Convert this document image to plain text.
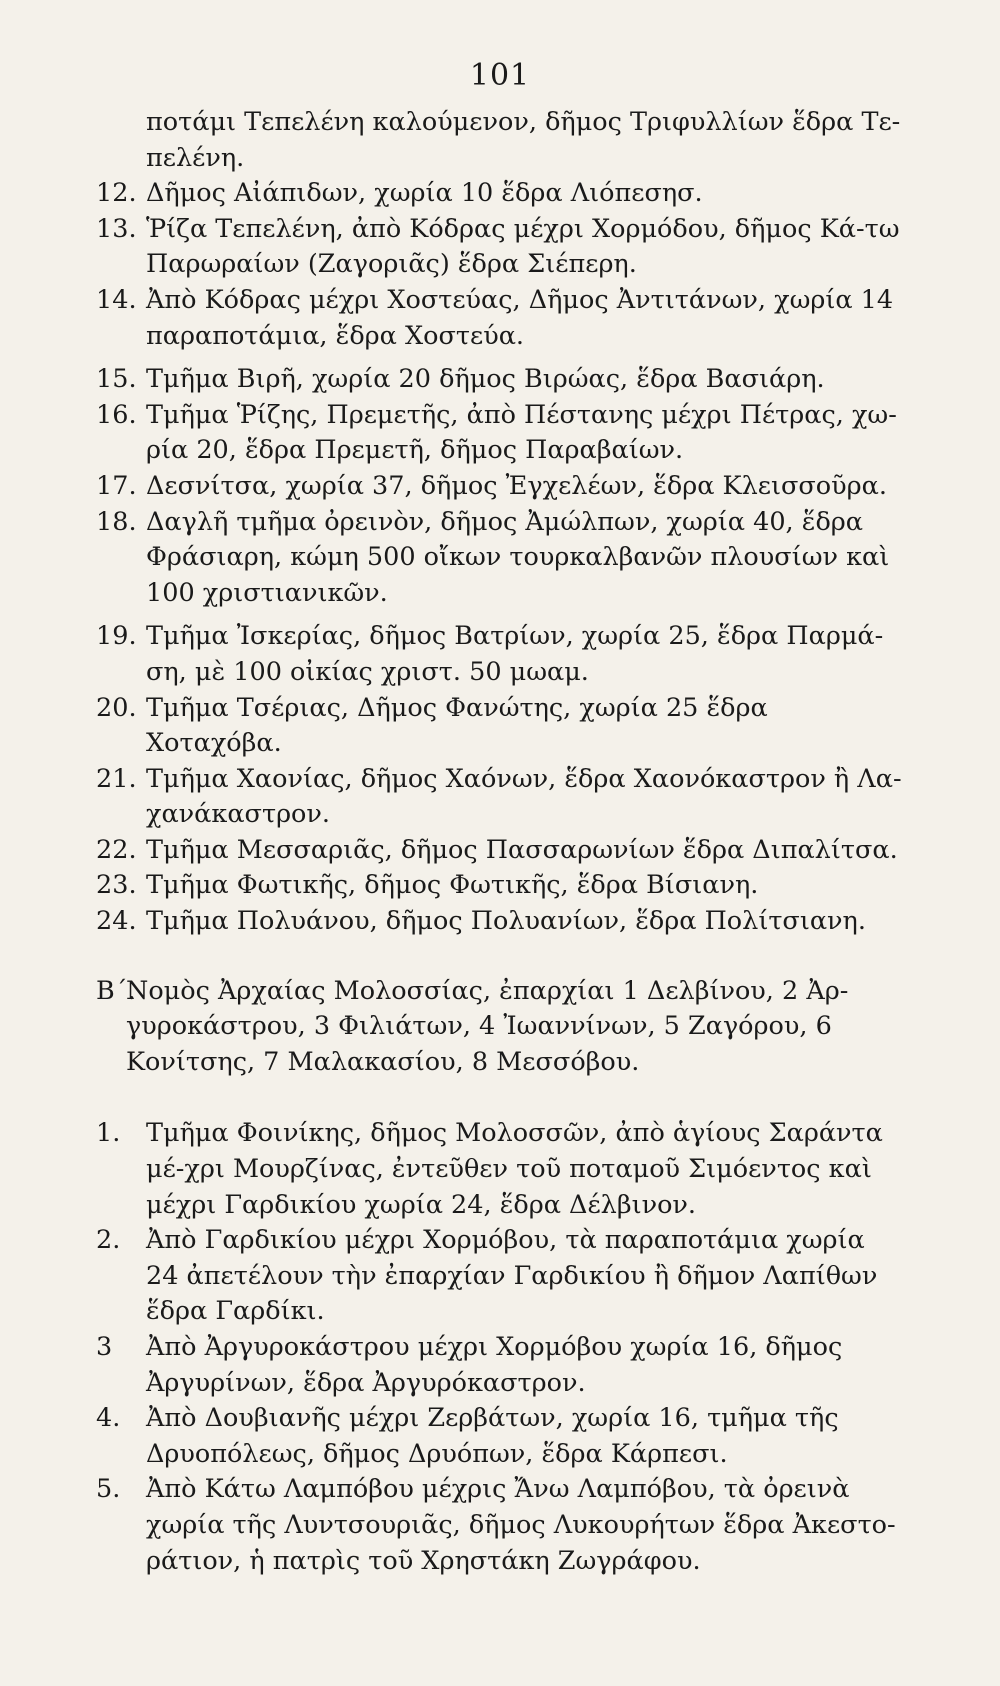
101

ποτάμι Τεπελένη καλούμενον, δῆμος Τριφυλλίων ἕδρα Τε-

πελένη.

12. Δῆμος Αἰάπιδων, χωρία 10 ἕδρα Λιόπεσησ.

13. Ῥίζα Τεπελένη, ἀπὸ Κόδρας μέχρι Χορμόδου, δῆμος Κά-τω Παρωραίων (Ζαγοριᾶς) ἕδρα Σιέπερη.

14. Ἀπὸ Κόδρας μέχρι Χοστεύας, Δῆμος Ἀντιτάνων, χωρία 14 παραποτάμια, ἕδρα Χοστεύα.

15. Τμῆμα Βιρῆ, χωρία 20 δῆμος Βιρώας, ἕδρα Βασιάρη.

16. Τμῆμα Ῥίζης, Πρεμετῆς, ἀπὸ Πέστανης μέχρι Πέτρας, χω-ρία 20, ἕδρα Πρεμετῆ, δῆμος Παραβαίων.

17. Δεσνίτσα, χωρία 37, δῆμος Ἐγχελέων, ἕδρα Κλεισσοῦρα.

18. Δαγλῆ τμῆμα ὀρεινὸν, δῆμος Ἀμώλπων, χωρία 40, ἕδρα Φράσιαρη, κώμη 500 οἴκων τουρκαλβανῶν πλουσίων καὶ 100 χριστιανικῶν.

19. Τμῆμα Ἰσκερίας, δῆμος Βατρίων, χωρία 25, ἕδρα Παρμά-ση, μὲ 100 οἰκίας χριστ. 50 μωαμ.

20. Τμῆμα Τσέριας, Δῆμος Φανώτης, χωρία 25 ἕδρα Χοταχόβα.

21. Τμῆμα Χαονίας, δῆμος Χαόνων, ἕδρα Χαονόκαστρον ἢ Λα-χανάκαστρον.

22. Τμῆμα Μεσσαριᾶς, δῆμος Πασσαρωνίων ἕδρα Διπαλίτσα.

23. Τμῆμα Φωτικῆς, δῆμος Φωτικῆς, ἕδρα Βίσιανη.

24. Τμῆμα Πολυάνου, δῆμος Πολυανίων, ἕδρα Πολίτσιανη.

Β΄.
Νομὸς Ἀρχαίας Μολοσσίας, ἐπαρχίαι 1 Δελβίνου, 2 Ἀρ-γυροκάστρου, 3 Φιλιάτων, 4 Ἰωαννίνων, 5 Ζαγόρου, 6 Κονίτσης, 7 Μαλακασίου, 8 Μεσσόβου.

1. Τμῆμα Φοινίκης, δῆμος Μολοσσῶν, ἀπὸ ἁγίους Σαράντα μέ-χρι Μουρζίνας, ἐντεῦθεν τοῦ ποταμοῦ Σιμόεντος καὶ μέχρι Γαρδικίου χωρία 24, ἕδρα Δέλβινον.

2. Ἀπὸ Γαρδικίου μέχρι Χορμόβου, τὰ παραποτάμια χωρία 24 ἀπετέλουν τὴν ἐπαρχίαν Γαρδικίου ἢ δῆμον Λαπίθων ἕδρα Γαρδίκι.

3 Ἀπὸ Ἀργυροκάστρου μέχρι Χορμόβου χωρία 16, δῆμος Ἀργυρίνων, ἕδρα Ἀργυρόκαστρον.

4. Ἀπὸ Δουβιανῆς μέχρι Ζερβάτων, χωρία 16, τμῆμα τῆς Δρυοπόλεως, δῆμος Δρυόπων, ἕδρα Κάρπεσι.

5. Ἀπὸ Κάτω Λαμπόβου μέχρις Ἄνω Λαμπόβου, τὰ ὀρεινὰ χωρία τῆς Λυντσουριᾶς, δῆμος Λυκουρήτων ἕδρα Ἀκεστο-ράτιον, ἡ πατρὶς τοῦ Χρηστάκη Ζωγράφου.
